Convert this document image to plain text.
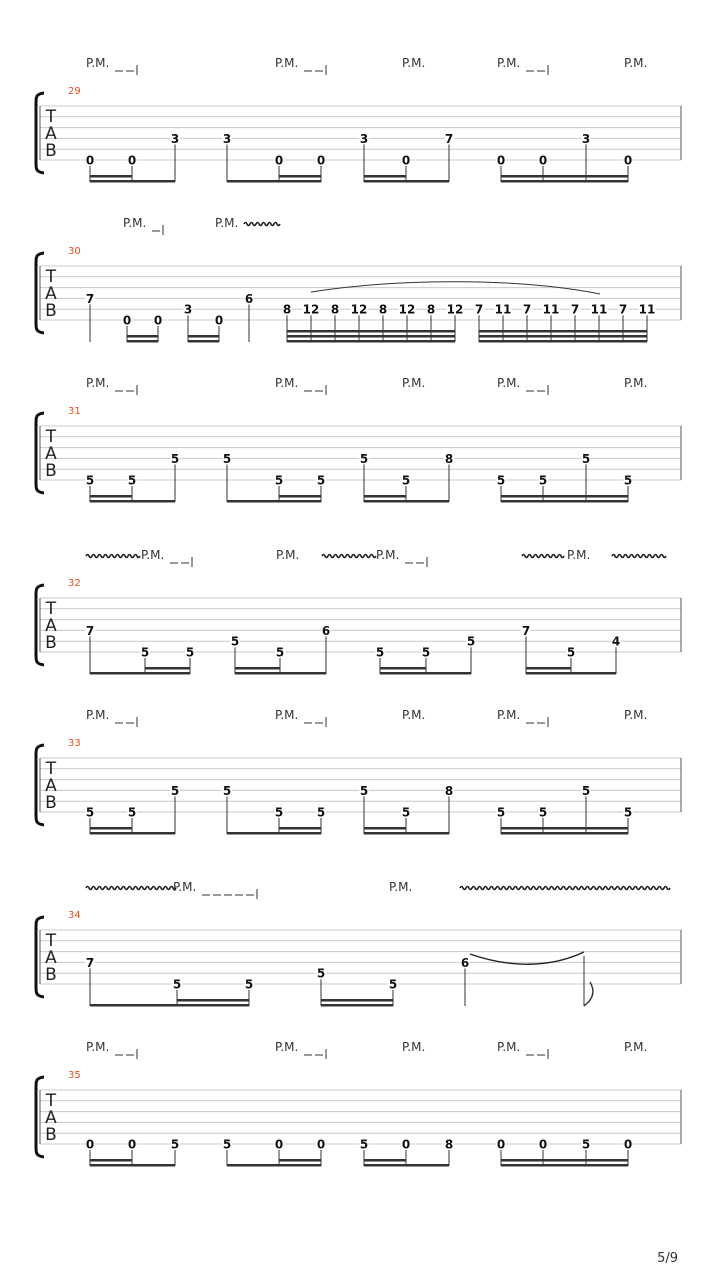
29
T
A
B 0	0
3	3
0	0
3
0
7
0	0
3
0
P.M.	P.M.	P.M.	P.M.	P.M.
30
T
A
B
7
0 0
3
0
6
8 12 8 12 8 12 8 12 7 11 7 11 7 11 7 11
P.M.	P.M.
31
T
A
B 5	5
5	5
5	5
5
5
8
5	5
5
5
P.M.	P.M.	P.M.	P.M.	P.M.
32
T
A
B
7
5	5
5
5
6
5	5
5
7
5
4
P.M.	P.M.	P.M.	P.M.
33
T
A
B 5	5
5	5
5	5
5
5
8
5	5
5
5
P.M.	P.M.	P.M.	P.M.	P.M.
34
T
A
B
7
5	5
5
5
6
P.M.	P.M.
35
T
A
B 0	0	5	5	0	0	5	0	8	0	0	5	0
P.M.	P.M.	P.M.	P.M.	P.M.
5/9
